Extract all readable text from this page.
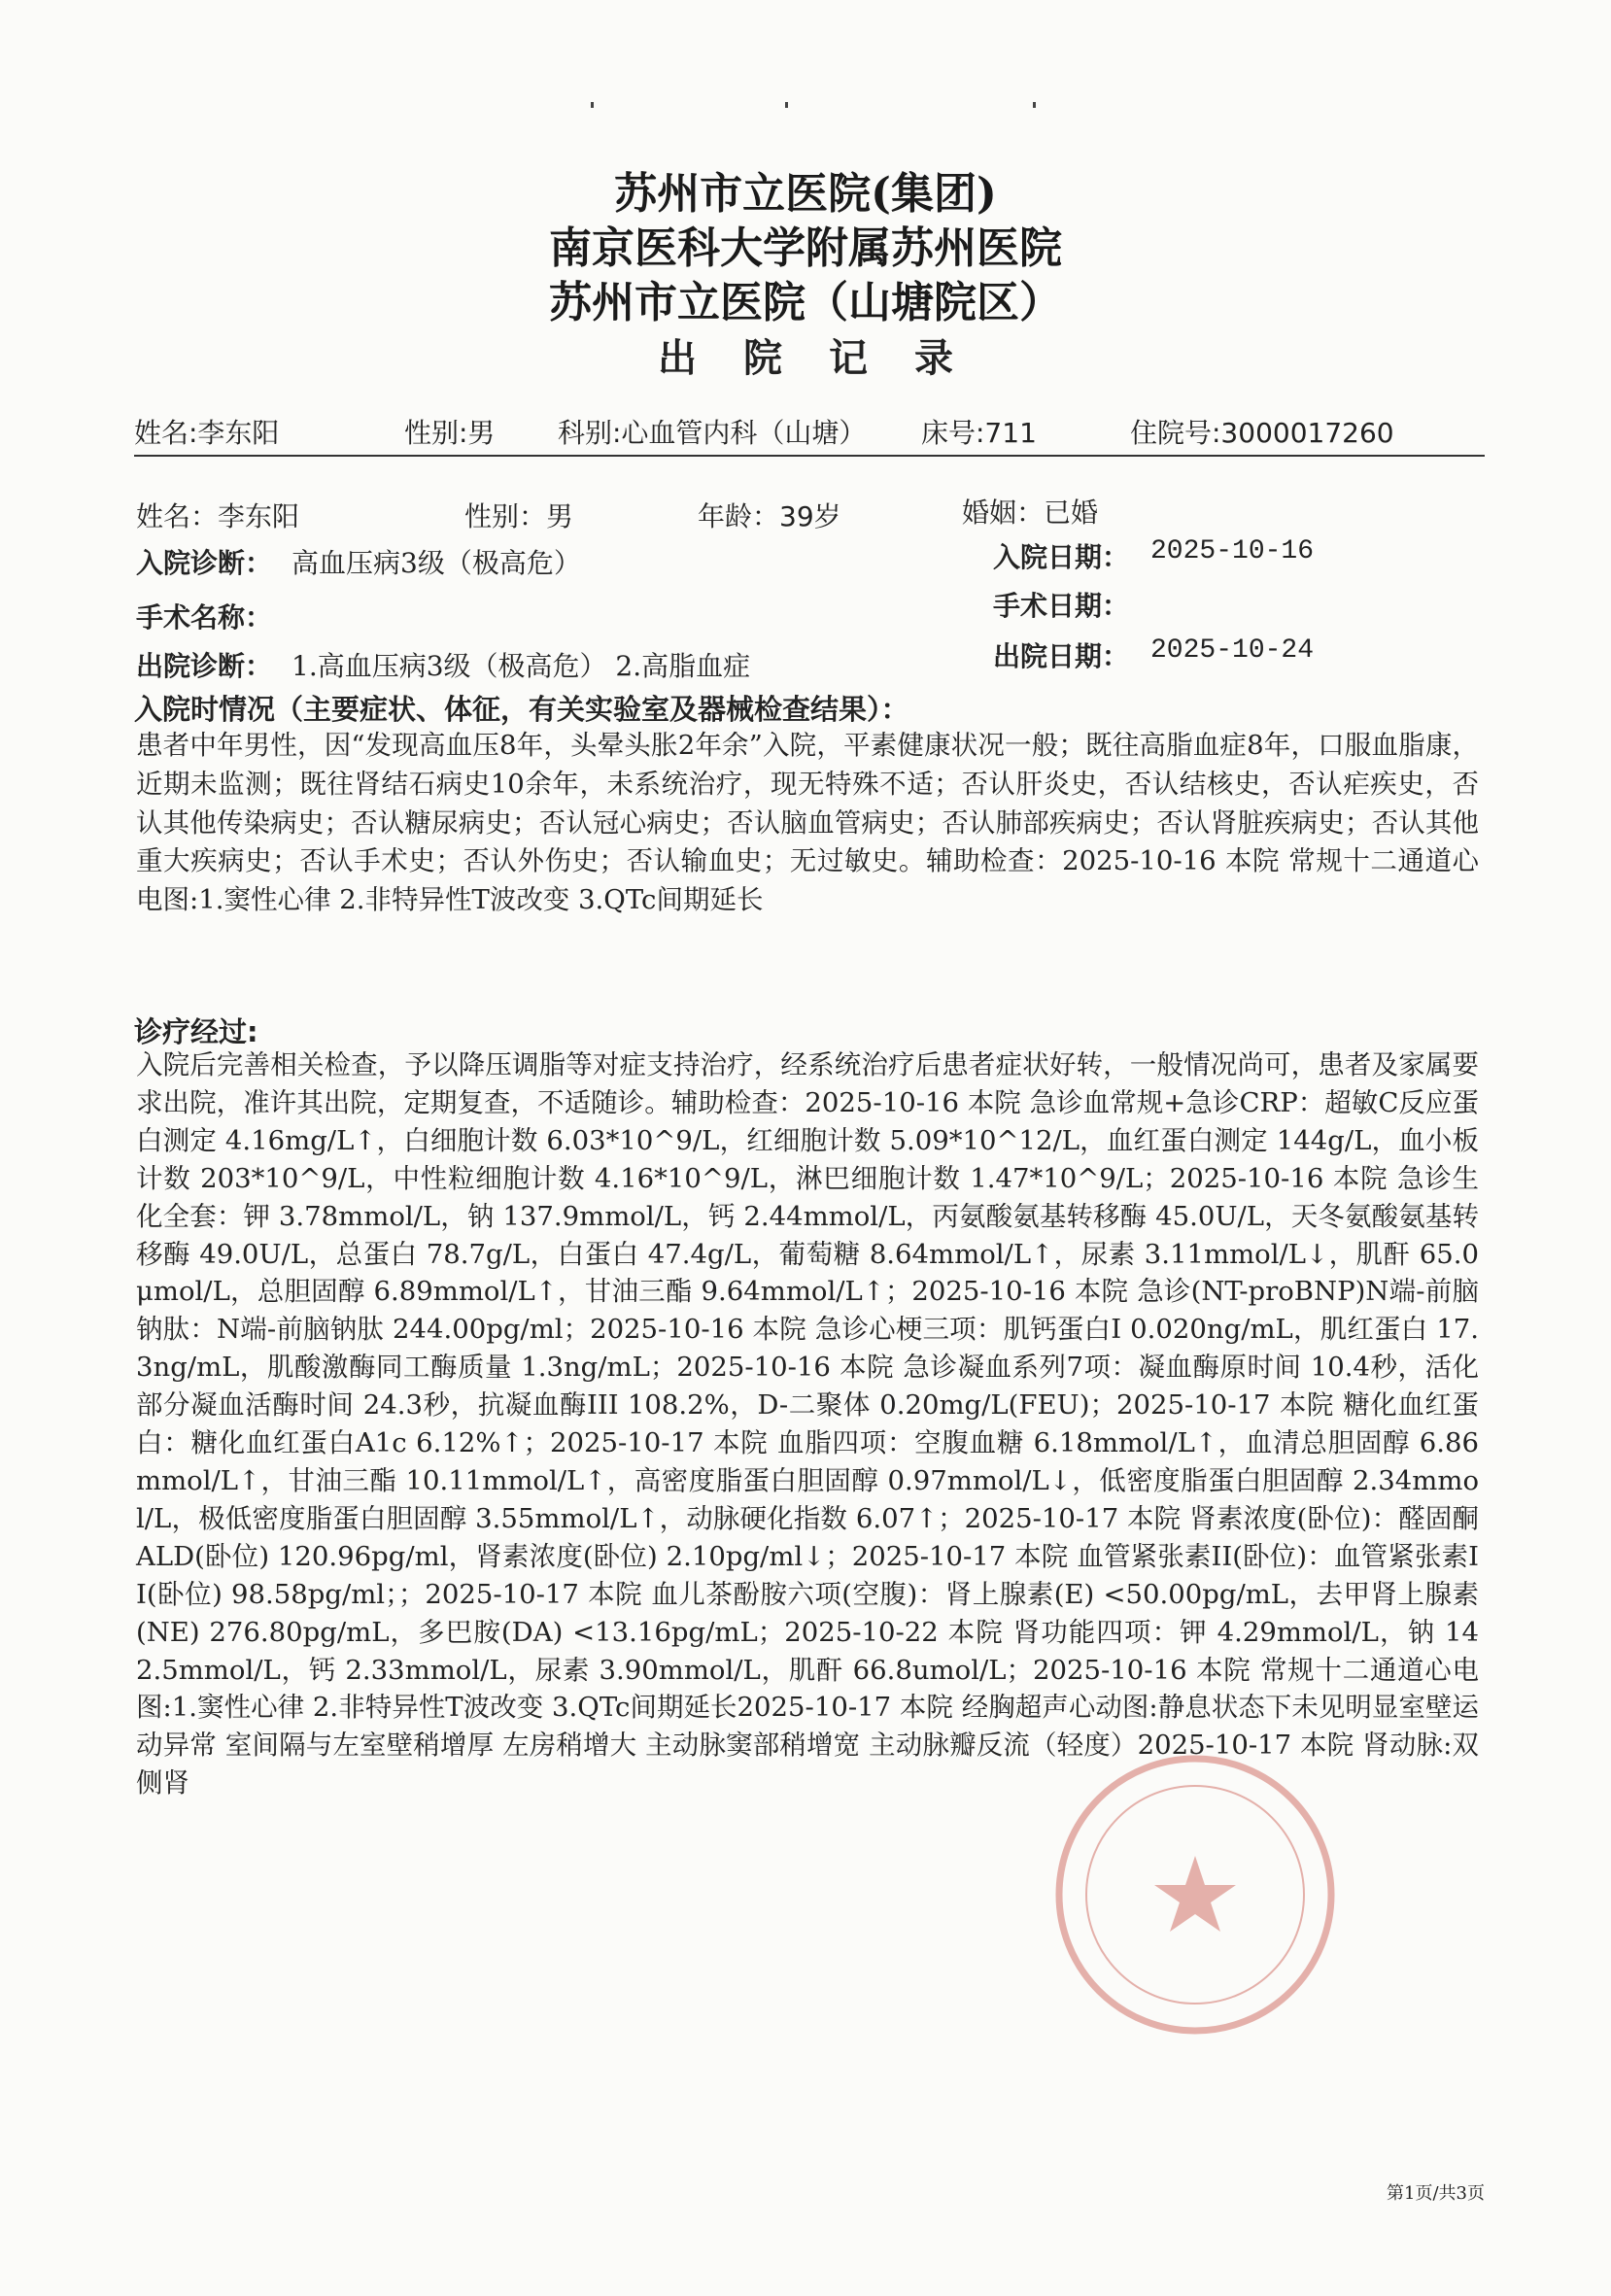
苏州市立医院(集团)
南京医科大学附属苏州医院
苏州市立医院（山塘院区）
出院记录
姓名:李东阳	性别:男 科别:心血管内科（山塘） 床号:711	住院号:3000017260
姓名：李东阳	性别：男	年龄：39岁	婚姻：已婚
入院诊断： 高血压病3级（极高危）	入院日期： 2025-10-16
手术名称：	手术日期：
出院诊断： 1.高血压病3级（极高危） 2.高脂血症	出院日期： 2025-10-24
入院时情况（主要症状、体征，有关实验室及器械检查结果）：
患者中年男性，因“发现高血压8年，头晕头胀2年余”入院，平素健康状况一般；既往高脂血症8年，口服血脂康，近期未监测；既往肾结石病史10余年，未系统治疗，现无特殊不适；否认肝炎史，否认结核史，否认疟疾史，否认其他传染病史；否认糖尿病史；否认冠心病史；否认脑血管病史；否认肺部疾病史；否认肾脏疾病史；否认其他重大疾病史；否认手术史；否认外伤史；否认输血史；无过敏史。辅助检查：2025-10-16 本院 常规十二通道心电图:1.窦性心律 2.非特异性T波改变 3.QTc间期延长
诊疗经过:
入院后完善相关检查，予以降压调脂等对症支持治疗，经系统治疗后患者症状好转，一般情况尚可，患者及家属要求出院，准许其出院，定期复查，不适随诊。辅助检查：2025-10-16 本院 急诊血常规+急诊CRP：超敏C反应蛋白测定 4.16mg/L↑，白细胞计数 6.03*10^9/L，红细胞计数 5.09*10^12/L，血红蛋白测定 144g/L，血小板计数 203*10^9/L，中性粒细胞计数 4.16*10^9/L，淋巴细胞计数 1.47*10^9/L；2025-10-16 本院 急诊生化全套：钾 3.78mmol/L，钠 137.9mmol/L，钙 2.44mmol/L，丙氨酸氨基转移酶 45.0U/L，天冬氨酸氨基转移酶 49.0U/L，总蛋白 78.7g/L，白蛋白 47.4g/L，葡萄糖 8.64mmol/L↑，尿素 3.11mmol/L↓，肌酐 65.0μmol/L，总胆固醇 6.89mmol/L↑，甘油三酯 9.64mmol/L↑；2025-10-16 本院 急诊(NT-proBNP)N端-前脑钠肽：N端-前脑钠肽 244.00pg/ml；2025-10-16 本院 急诊心梗三项：肌钙蛋白Ⅰ 0.020ng/mL，肌红蛋白 17.3ng/mL，肌酸激酶同工酶质量 1.3ng/mL；2025-10-16 本院 急诊凝血系列7项：凝血酶原时间 10.4秒，活化部分凝血活酶时间 24.3秒，抗凝血酶III 108.2%，D-二聚体 0.20mg/L(FEU)；2025-10-17 本院 糖化血红蛋白：糖化血红蛋白A1c 6.12%↑；2025-10-17 本院 血脂四项：空腹血糖 6.18mmol/L↑，血清总胆固醇 6.86mmol/L↑，甘油三酯 10.11mmol/L↑，高密度脂蛋白胆固醇 0.97mmol/L↓，低密度脂蛋白胆固醇 2.34mmol/L，极低密度脂蛋白胆固醇 3.55mmol/L↑，动脉硬化指数 6.07↑；2025-10-17 本院 肾素浓度(卧位)：醛固酮ALD(卧位) 120.96pg/ml，肾素浓度(卧位) 2.10pg/ml↓；2025-10-17 本院 血管紧张素II(卧位)：血管紧张素II(卧位) 98.58pg/ml；；2025-10-17 本院 血儿茶酚胺六项(空腹)：肾上腺素(E) <50.00pg/mL，去甲肾上腺素(NE) 276.80pg/mL，多巴胺(DA) <13.16pg/mL；2025-10-22 本院 肾功能四项：钾 4.29mmol/L，钠 142.5mmol/L，钙 2.33mmol/L，尿素 3.90mmol/L，肌酐 66.8umol/L；2025-10-16 本院 常规十二通道心电图:1.窦性心律 2.非特异性T波改变 3.QTc间期延长2025-10-17 本院 经胸超声心动图:静息状态下未见明显室壁运动异常 室间隔与左室壁稍增厚 左房稍增大 主动脉窦部稍增宽 主动脉瓣反流（轻度）2025-10-17 本院 肾动脉:双侧肾
第1页/共3页
